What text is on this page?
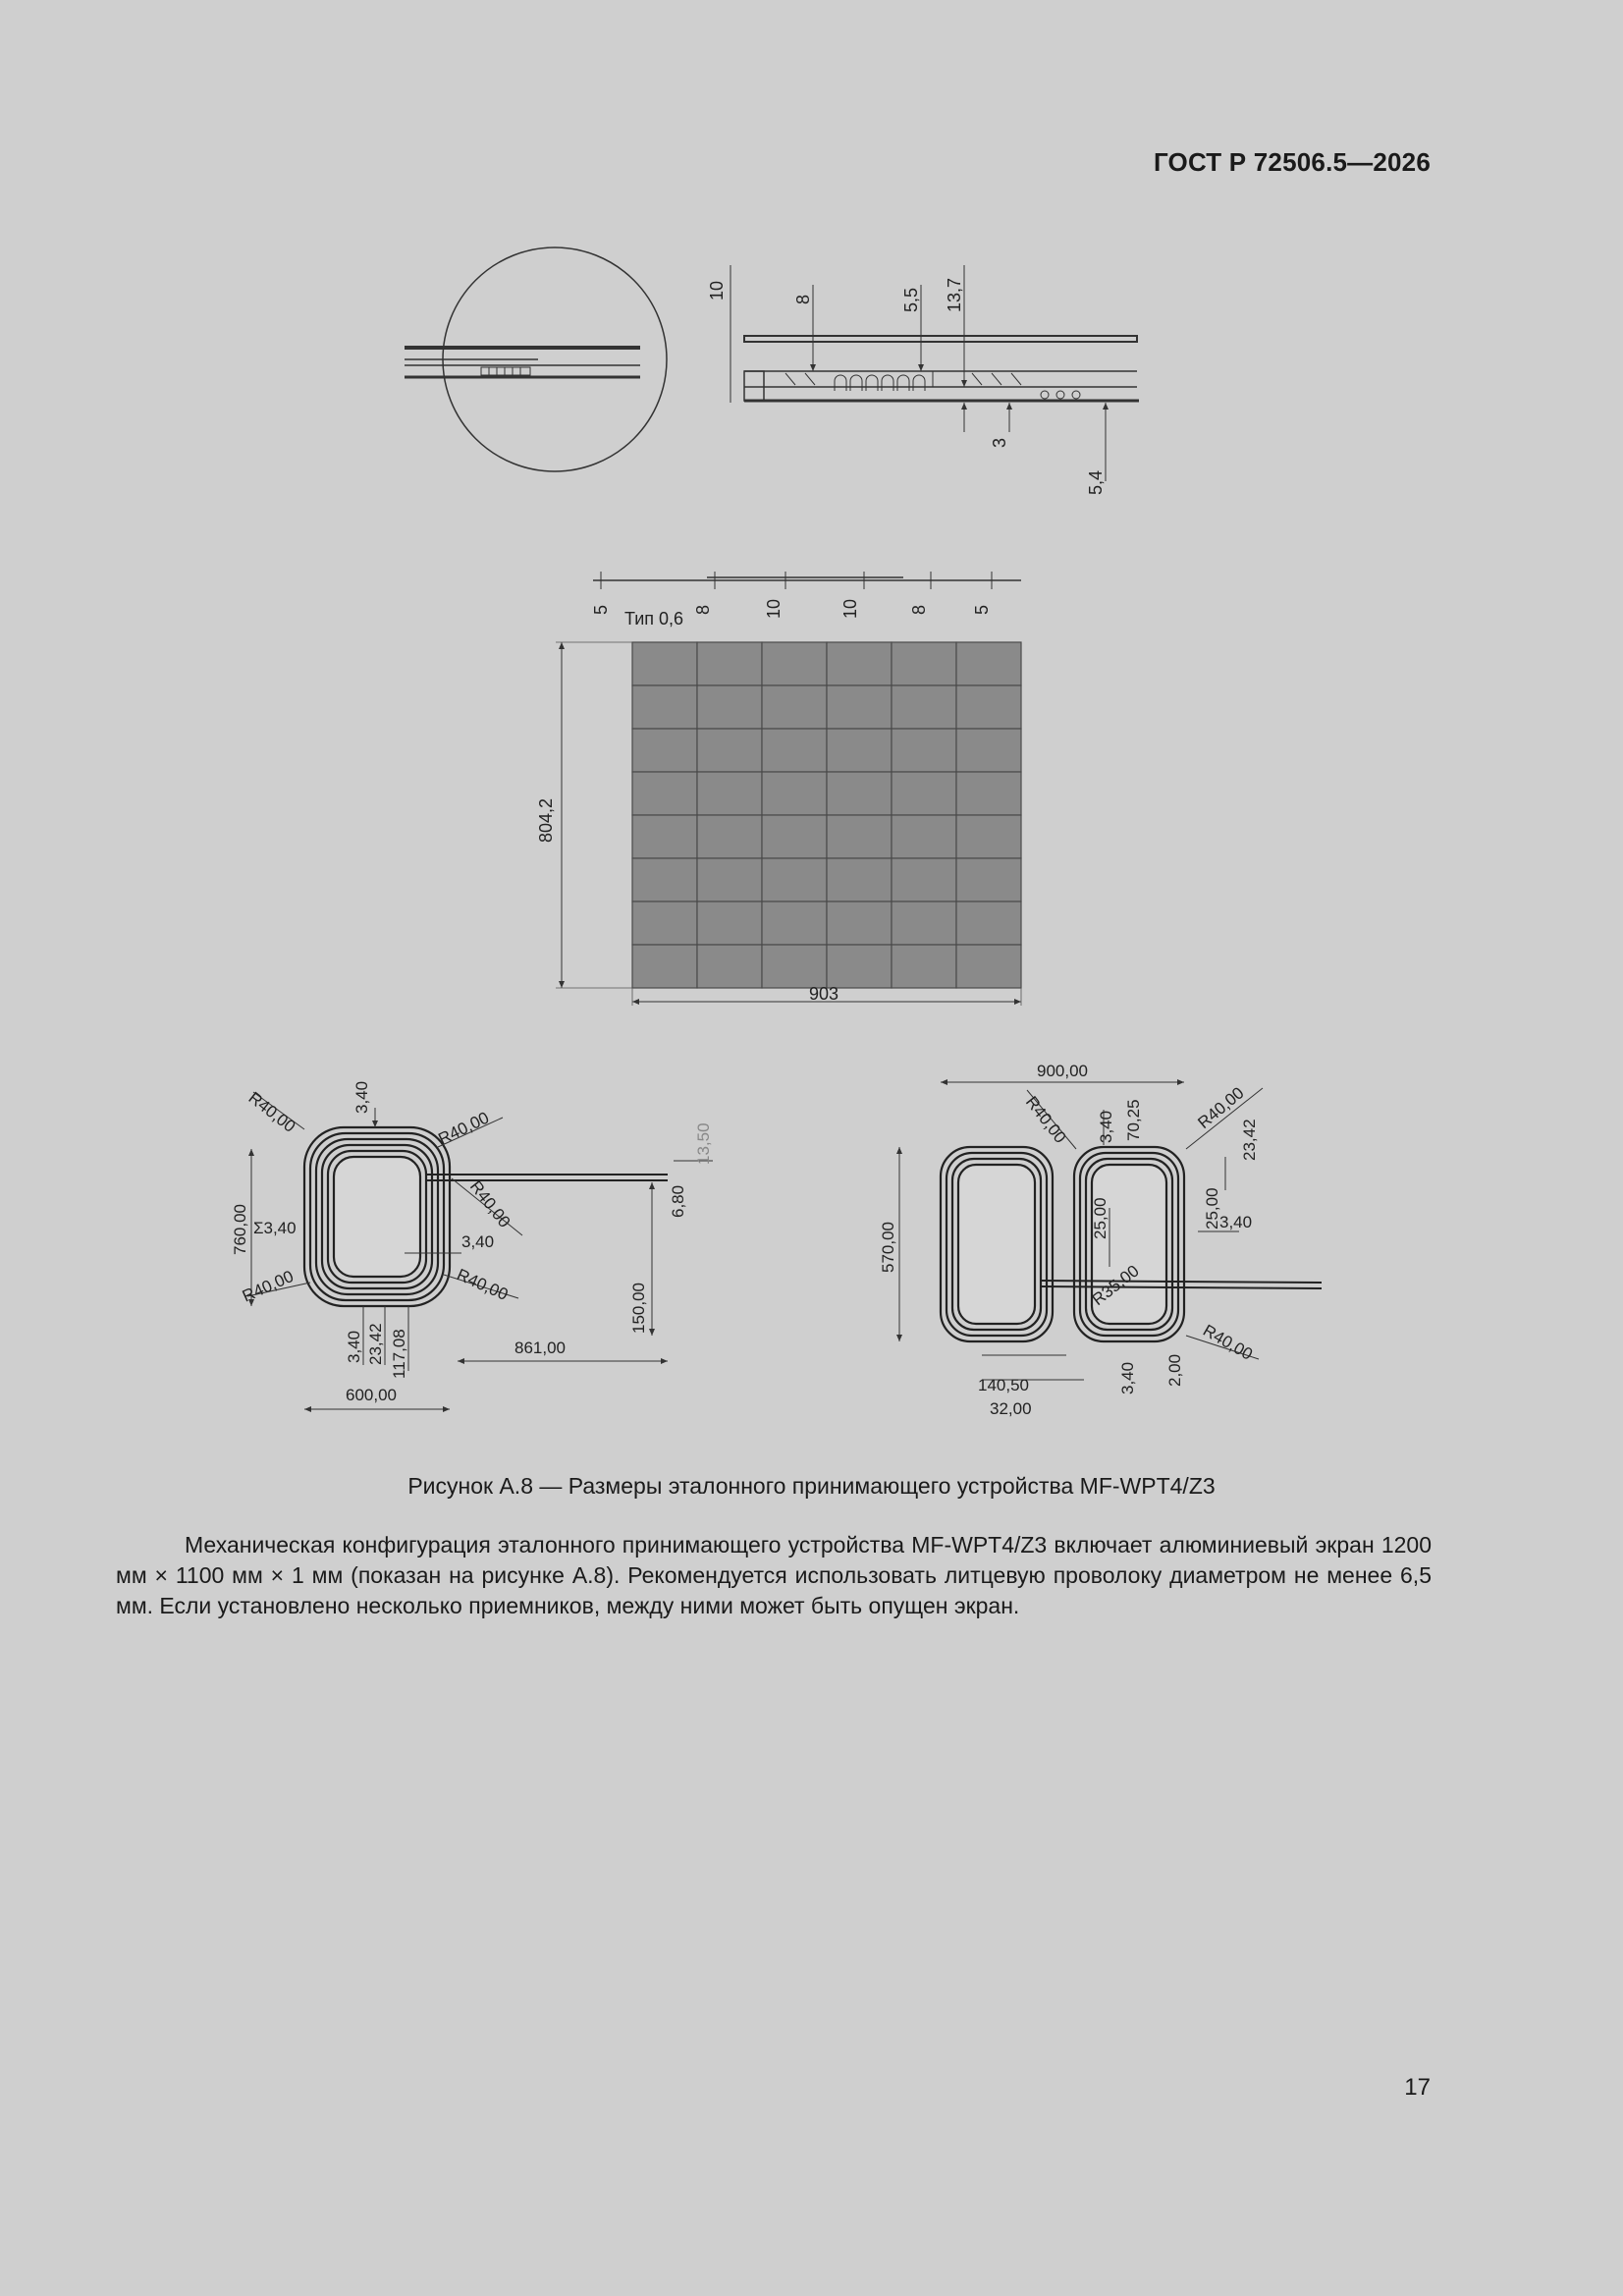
ГОСТ Р 72506.5—2026
10	8	5,5 13,7
3
5,4
5 Тип 0,6 8	10	10	8 5
804,2
903
R40,00	3,40
R40,00
R40,00
3,40
R40,00
R40,00
Σ3,40
760,00
3,40 23,42 117,08
600,00
861,00
150,00
6,80
13,50
900,00
R40,00 3,40 70,25	R40,00
23,42
570,00
25,00	25,00
3,40
R35,00
R40,00
3,40 2,00
140,50
32,00
Рисунок А.8 — Размеры эталонного принимающего устройства MF-WPT4/Z3

Механическая конфигурация эталонного принимающего устройства MF-WPT4/Z3 включает алюминиевый экран 1200 мм × 1100 мм × 1 мм (показан на рисунке А.8). Рекомендуется использовать литцевую проволоку диаметром не менее 6,5 мм. Если установлено несколько приемников, между ними может быть опущен экран.

17
